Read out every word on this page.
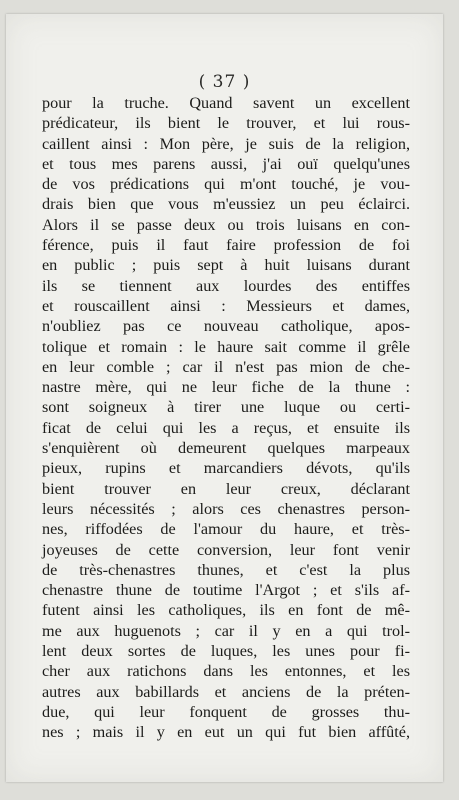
( 37 )
pour la truche. Quand savent un excellent
prédicateur, ils bient le trouver, et lui rous-
caillent ainsi : Mon père, je suis de la religion,
et tous mes parens aussi, j'ai ouï quelqu'unes
de vos prédications qui m'ont touché, je vou-
drais bien que vous m'eussiez un peu éclairci.
Alors il se passe deux ou trois luisans en con-
férence, puis il faut faire profession de foi
en public ; puis sept à huit luisans durant
ils se tiennent aux lourdes des entiffes
et rouscaillent ainsi : Messieurs et dames,
n'oubliez pas ce nouveau catholique, apos-
tolique et romain : le haure sait comme il grêle
en leur comble ; car il n'est pas mion de che-
nastre mère, qui ne leur fiche de la thune :
sont soigneux à tirer une luque ou certi-
ficat de celui qui les a reçus, et ensuite ils
s'enquièrent où demeurent quelques marpeaux
pieux, rupins et marcandiers dévots, qu'ils
bient trouver en leur creux, déclarant
leurs nécessités ; alors ces chenastres person-
nes, riffodées de l'amour du haure, et très-
joyeuses de cette conversion, leur font venir
de très-chenastres thunes, et c'est la plus
chenastre thune de toutime l'Argot ; et s'ils af-
futent ainsi les catholiques, ils en font de mê-
me aux huguenots ; car il y en a qui trol-
lent deux sortes de luques, les unes pour fi-
cher aux ratichons dans les entonnes, et les
autres aux babillards et anciens de la préten-
due, qui leur fonquent de grosses thu-
nes ; mais il y en eut un qui fut bien affûté,
